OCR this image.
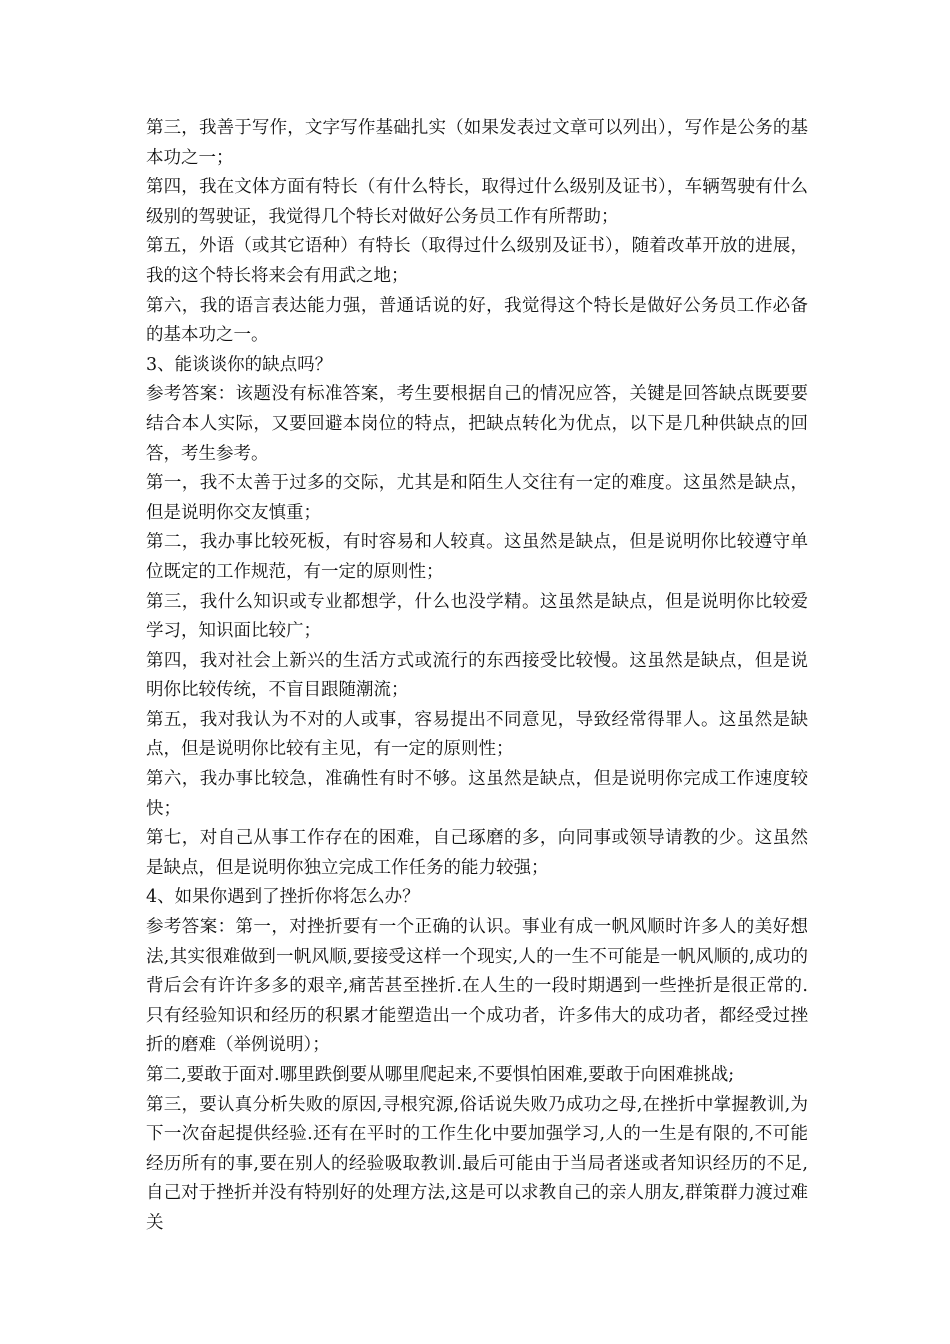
第三，我善于写作，文字写作基础扎实（如果发表过文章可以列出），写作是公务的基本功之一；

第四，我在文体方面有特长（有什么特长，取得过什么级别及证书），车辆驾驶有什么级别的驾驶证，我觉得几个特长对做好公务员工作有所帮助；

第五，外语（或其它语种）有特长（取得过什么级别及证书），随着改革开放的进展，我的这个特长将来会有用武之地；

第六，我的语言表达能力强，普通话说的好，我觉得这个特长是做好公务员工作必备的基本功之一。

3、能谈谈你的缺点吗？

参考答案：该题没有标准答案，考生要根据自己的情况应答，关键是回答缺点既要要结合本人实际，又要回避本岗位的特点，把缺点转化为优点，以下是几种供缺点的回答，考生参考。

第一，我不太善于过多的交际，尤其是和陌生人交往有一定的难度。这虽然是缺点，但是说明你交友慎重；

第二，我办事比较死板，有时容易和人较真。这虽然是缺点，但是说明你比较遵守单位既定的工作规范，有一定的原则性；

第三，我什么知识或专业都想学，什么也没学精。这虽然是缺点，但是说明你比较爱学习，知识面比较广；

第四，我对社会上新兴的生活方式或流行的东西接受比较慢。这虽然是缺点，但是说明你比较传统，不盲目跟随潮流；

第五，我对我认为不对的人或事，容易提出不同意见，导致经常得罪人。这虽然是缺点，但是说明你比较有主见，有一定的原则性；

第六，我办事比较急，准确性有时不够。这虽然是缺点，但是说明你完成工作速度较快；

第七，对自己从事工作存在的困难，自己琢磨的多，向同事或领导请教的少。这虽然是缺点，但是说明你独立完成工作任务的能力较强；

4、如果你遇到了挫折你将怎么办？

参考答案：第一，对挫折要有一个正确的认识。事业有成一帆风顺时许多人的美好想法,其实很难做到一帆风顺,要接受这样一个现实,人的一生不可能是一帆风顺的,成功的背后会有许许多多的艰辛,痛苦甚至挫折.在人生的一段时期遇到一些挫折是很正常的.只有经验知识和经历的积累才能塑造出一个成功者，许多伟大的成功者，都经受过挫折的磨难（举例说明）；

第二,要敢于面对.哪里跌倒要从哪里爬起来,不要惧怕困难,要敢于向困难挑战;

第三，要认真分析失败的原因,寻根究源,俗话说失败乃成功之母,在挫折中掌握教训,为下一次奋起提供经验.还有在平时的工作生化中要加强学习,人的一生是有限的,不可能经历所有的事,要在别人的经验吸取教训.最后可能由于当局者迷或者知识经历的不足,自己对于挫折并没有特别好的处理方法,这是可以求教自己的亲人朋友,群策群力渡过难关
